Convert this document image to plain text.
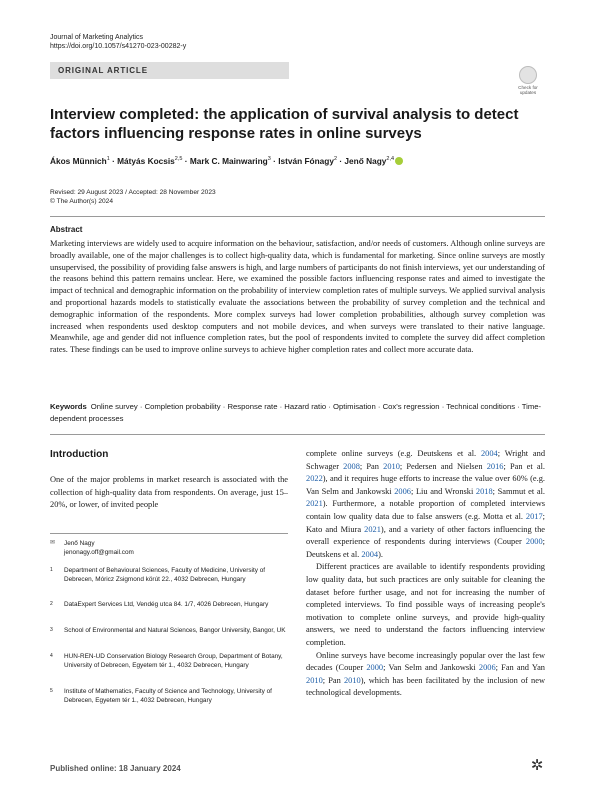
Journal of Marketing Analytics
https://doi.org/10.1057/s41270-023-00282-y
ORIGINAL ARTICLE
Check for
updates
Interview completed: the application of survival analysis to detect factors influencing response rates in online surveys
Ákos Münnich$^1$ · Mátyás Kocsis$^{2,5}$ · Mark C. Mainwaring$^3$ · István Fónagy$^2$ · Jenő Nagy$^{2,4}$
Revised: 29 August 2023 / Accepted: 28 November 2023
© The Author(s) 2024
Abstract

Marketing interviews are widely used to acquire information on the behaviour, satisfaction, and/or needs of customers. Although online surveys are broadly available, one of the major challenges is to collect high-quality data, which is fundamental for marketing. Since online surveys are mostly unsupervised, the possibility of providing false answers is high, and large numbers of participants do not finish interviews, yet our understanding of the reasons behind this pattern remains unclear. Here, we examined the possible factors influencing response rates and aimed to investigate the impact of technical and demographic information on the probability of interview completion rates of multiple surveys. We applied survival analysis and proportional hazards models to statistically evaluate the associations between the probability of survey completion and the technical and demographic information of the respondents. More complex surveys had lower completion probabilities, although survey completion was increased when respondents used desktop computers and not mobile devices, and when surveys were translated to their native language. Meanwhile, age and gender did not influence completion rates, but the pool of respondents invited to complete the survey did affect completion rates. These findings can be used to improve online surveys to achieve higher completion rates and collect more accurate data.

Keywords Online survey · Completion probability · Response rate · Hazard ratio · Optimisation · Cox's regression · Technical conditions · Time-dependent processes
Introduction

One of the major problems in market research is associated with the collection of high-quality data from respondents. On average, just 15–20%, or lower, of invited people

complete online surveys (e.g. Deutskens et al. 2004; Wright and Schwager 2008; Pan 2010; Pedersen and Nielsen 2016; Pan et al. 2022), and it requires huge efforts to increase the value over 60% (e.g. Van Selm and Jankowski 2006; Liu and Wronski 2018; Sammut et al. 2021). Furthermore, a notable proportion of completed interviews contain low quality data due to false answers (e.g. Motta et al. 2017; Kato and Miura 2021), and a variety of other factors influencing the overall experience of respondents during interviews (Couper 2000; Deutskens et al. 2004).

Different practices are available to identify respondents providing low quality data, but such practices are only suitable for cleaning the dataset before further usage, and not for increasing the number of completed interviews. To find possible ways of increasing people's motivation to complete online surveys, and provide high-quality answers, we need to understand the factors influencing interview completion.

Online surveys have become increasingly popular over the last few decades (Couper 2000; Van Selm and Jankowski 2006; Fan and Yan 2010; Pan 2010), which has been facilitated by the inclusion of new technological developments.

✉	Jenő Nagy
jenonagy.off@gmail.com
1 Department of Behavioural Sciences, Faculty of Medicine, University of Debrecen, Móricz Zsigmond körút 22., 4032 Debrecen, Hungary
2 DataExpert Services Ltd, Vendég utca 84. 1/7, 4026 Debrecen, Hungary
3 School of Environmental and Natural Sciences, Bangor University, Bangor, UK
4 HUN-REN-UD Conservation Biology Research Group, Department of Botany, University of Debrecen, Egyetem tér 1., 4032 Debrecen, Hungary
5 Institute of Mathematics, Faculty of Science and Technology, University of Debrecen, Egyetem tér 1., 4032 Debrecen, Hungary
Published online: 18 January 2024	✲
